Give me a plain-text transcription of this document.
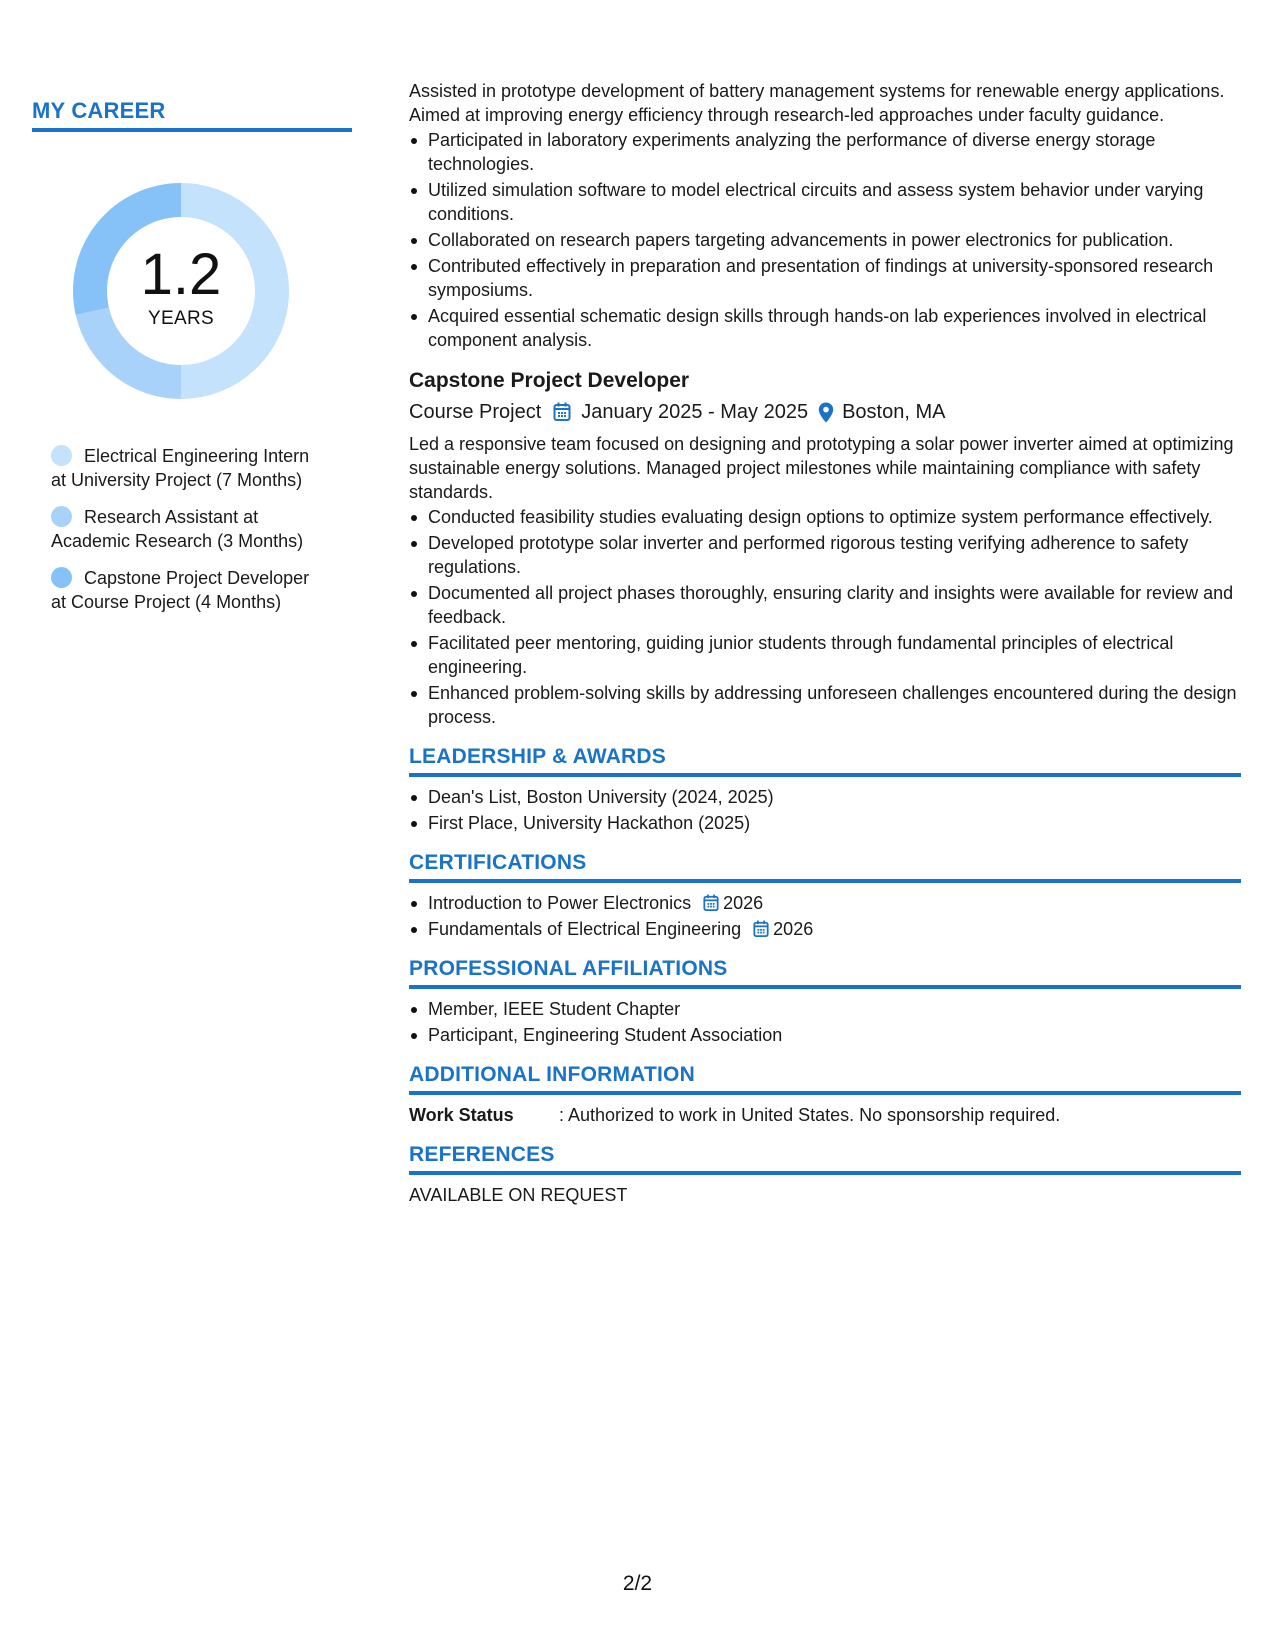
MY CAREER
1.2
YEARS
Electrical Engineering Intern
at University Project (7 Months)
Research Assistant at
Academic Research (3 Months)
Capstone Project Developer
at Course Project (4 Months)
Assisted in prototype development of battery management systems for renewable energy applications. Aimed at improving energy efficiency through research-led approaches under faculty guidance.
Participated in laboratory experiments analyzing the performance of diverse energy storage technologies.
Utilized simulation software to model electrical circuits and assess system behavior under varying conditions.
Collaborated on research papers targeting advancements in power electronics for publication.
Contributed effectively in preparation and presentation of findings at university-sponsored research symposiums.
Acquired essential schematic design skills through hands-on lab experiences involved in electrical component analysis.
Capstone Project Developer
Course Project January 2025 - May 2025 Boston, MA
Led a responsive team focused on designing and prototyping a solar power inverter aimed at optimizing sustainable energy solutions. Managed project milestones while maintaining compliance with safety standards.
Conducted feasibility studies evaluating design options to optimize system performance effectively.
Developed prototype solar inverter and performed rigorous testing verifying adherence to safety regulations.
Documented all project phases thoroughly, ensuring clarity and insights were available for review and feedback.
Facilitated peer mentoring, guiding junior students through fundamental principles of electrical engineering.
Enhanced problem-solving skills by addressing unforeseen challenges encountered during the design process.
LEADERSHIP & AWARDS
Dean's List, Boston University (2024, 2025)
First Place, University Hackathon (2025)
CERTIFICATIONS
Introduction to Power Electronics 2026
Fundamentals of Electrical Engineering 2026
PROFESSIONAL AFFILIATIONS
Member, IEEE Student Chapter
Participant, Engineering Student Association
ADDITIONAL INFORMATION
Work Status	: Authorized to work in United States. No sponsorship required.
REFERENCES
AVAILABLE ON REQUEST
2/2
